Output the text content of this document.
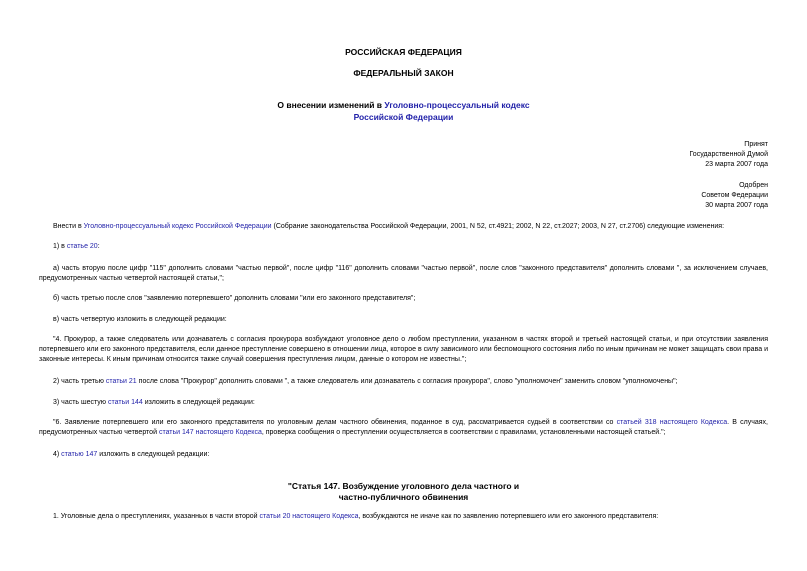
РОССИЙСКАЯ ФЕДЕРАЦИЯ
ФЕДЕРАЛЬНЫЙ ЗАКОН
О внесении изменений в Уголовно-процессуальный кодекс
Российской Федерации
Принят
Государственной Думой
23 марта 2007 года
Одобрен
Советом Федерации
30 марта 2007 года
Внести в Уголовно-процессуальный кодекс Российской Федерации (Собрание законодательства Российской Федерации, 2001, N 52, ст.4921; 2002, N 22, ст.2027; 2003, N 27, ст.2706) следующие изменения:
1) в статье 20:
а) часть вторую после цифр "115" дополнить словами "частью первой", после цифр "116" дополнить словами "частью первой", после слов "законного представителя" дополнить словами ", за исключением случаев, предусмотренных частью четвертой настоящей статьи,";
б) часть третью после слов "заявлению потерпевшего" дополнить словами "или его законного представителя";
в) часть четвертую изложить в следующей редакции:
"4. Прокурор, а также следователь или дознаватель с согласия прокурора возбуждают уголовное дело о любом преступлении, указанном в частях второй и третьей настоящей статьи, и при отсутствии заявления потерпевшего или его законного представителя, если данное преступление совершено в отношении лица, которое в силу зависимого или беспомощного состояния либо по иным причинам не может защищать свои права и законные интересы. К иным причинам относится также случай совершения преступления лицом, данные о котором не известны.";
2) часть третью статьи 21 после слова "Прокурор" дополнить словами ", а также следователь или дознаватель с согласия прокурора", слово "уполномочен" заменить словом "уполномочены";
3) часть шестую статьи 144 изложить в следующей редакции:
"6. Заявление потерпевшего или его законного представителя по уголовным делам частного обвинения, поданное в суд, рассматривается судьей в соответствии со статьей 318 настоящего Кодекса. В случаях, предусмотренных частью четвертой статьи 147 настоящего Кодекса, проверка сообщения о преступлении осуществляется в соответствии с правилами, установленными настоящей статьей.";
4) статью 147 изложить в следующей редакции:
"Статья 147. Возбуждение уголовного дела частного и
частно-публичного обвинения
1. Уголовные дела о преступлениях, указанных в части второй статьи 20 настоящего Кодекса, возбуждаются не иначе как по заявлению потерпевшего или его законного представителя:
